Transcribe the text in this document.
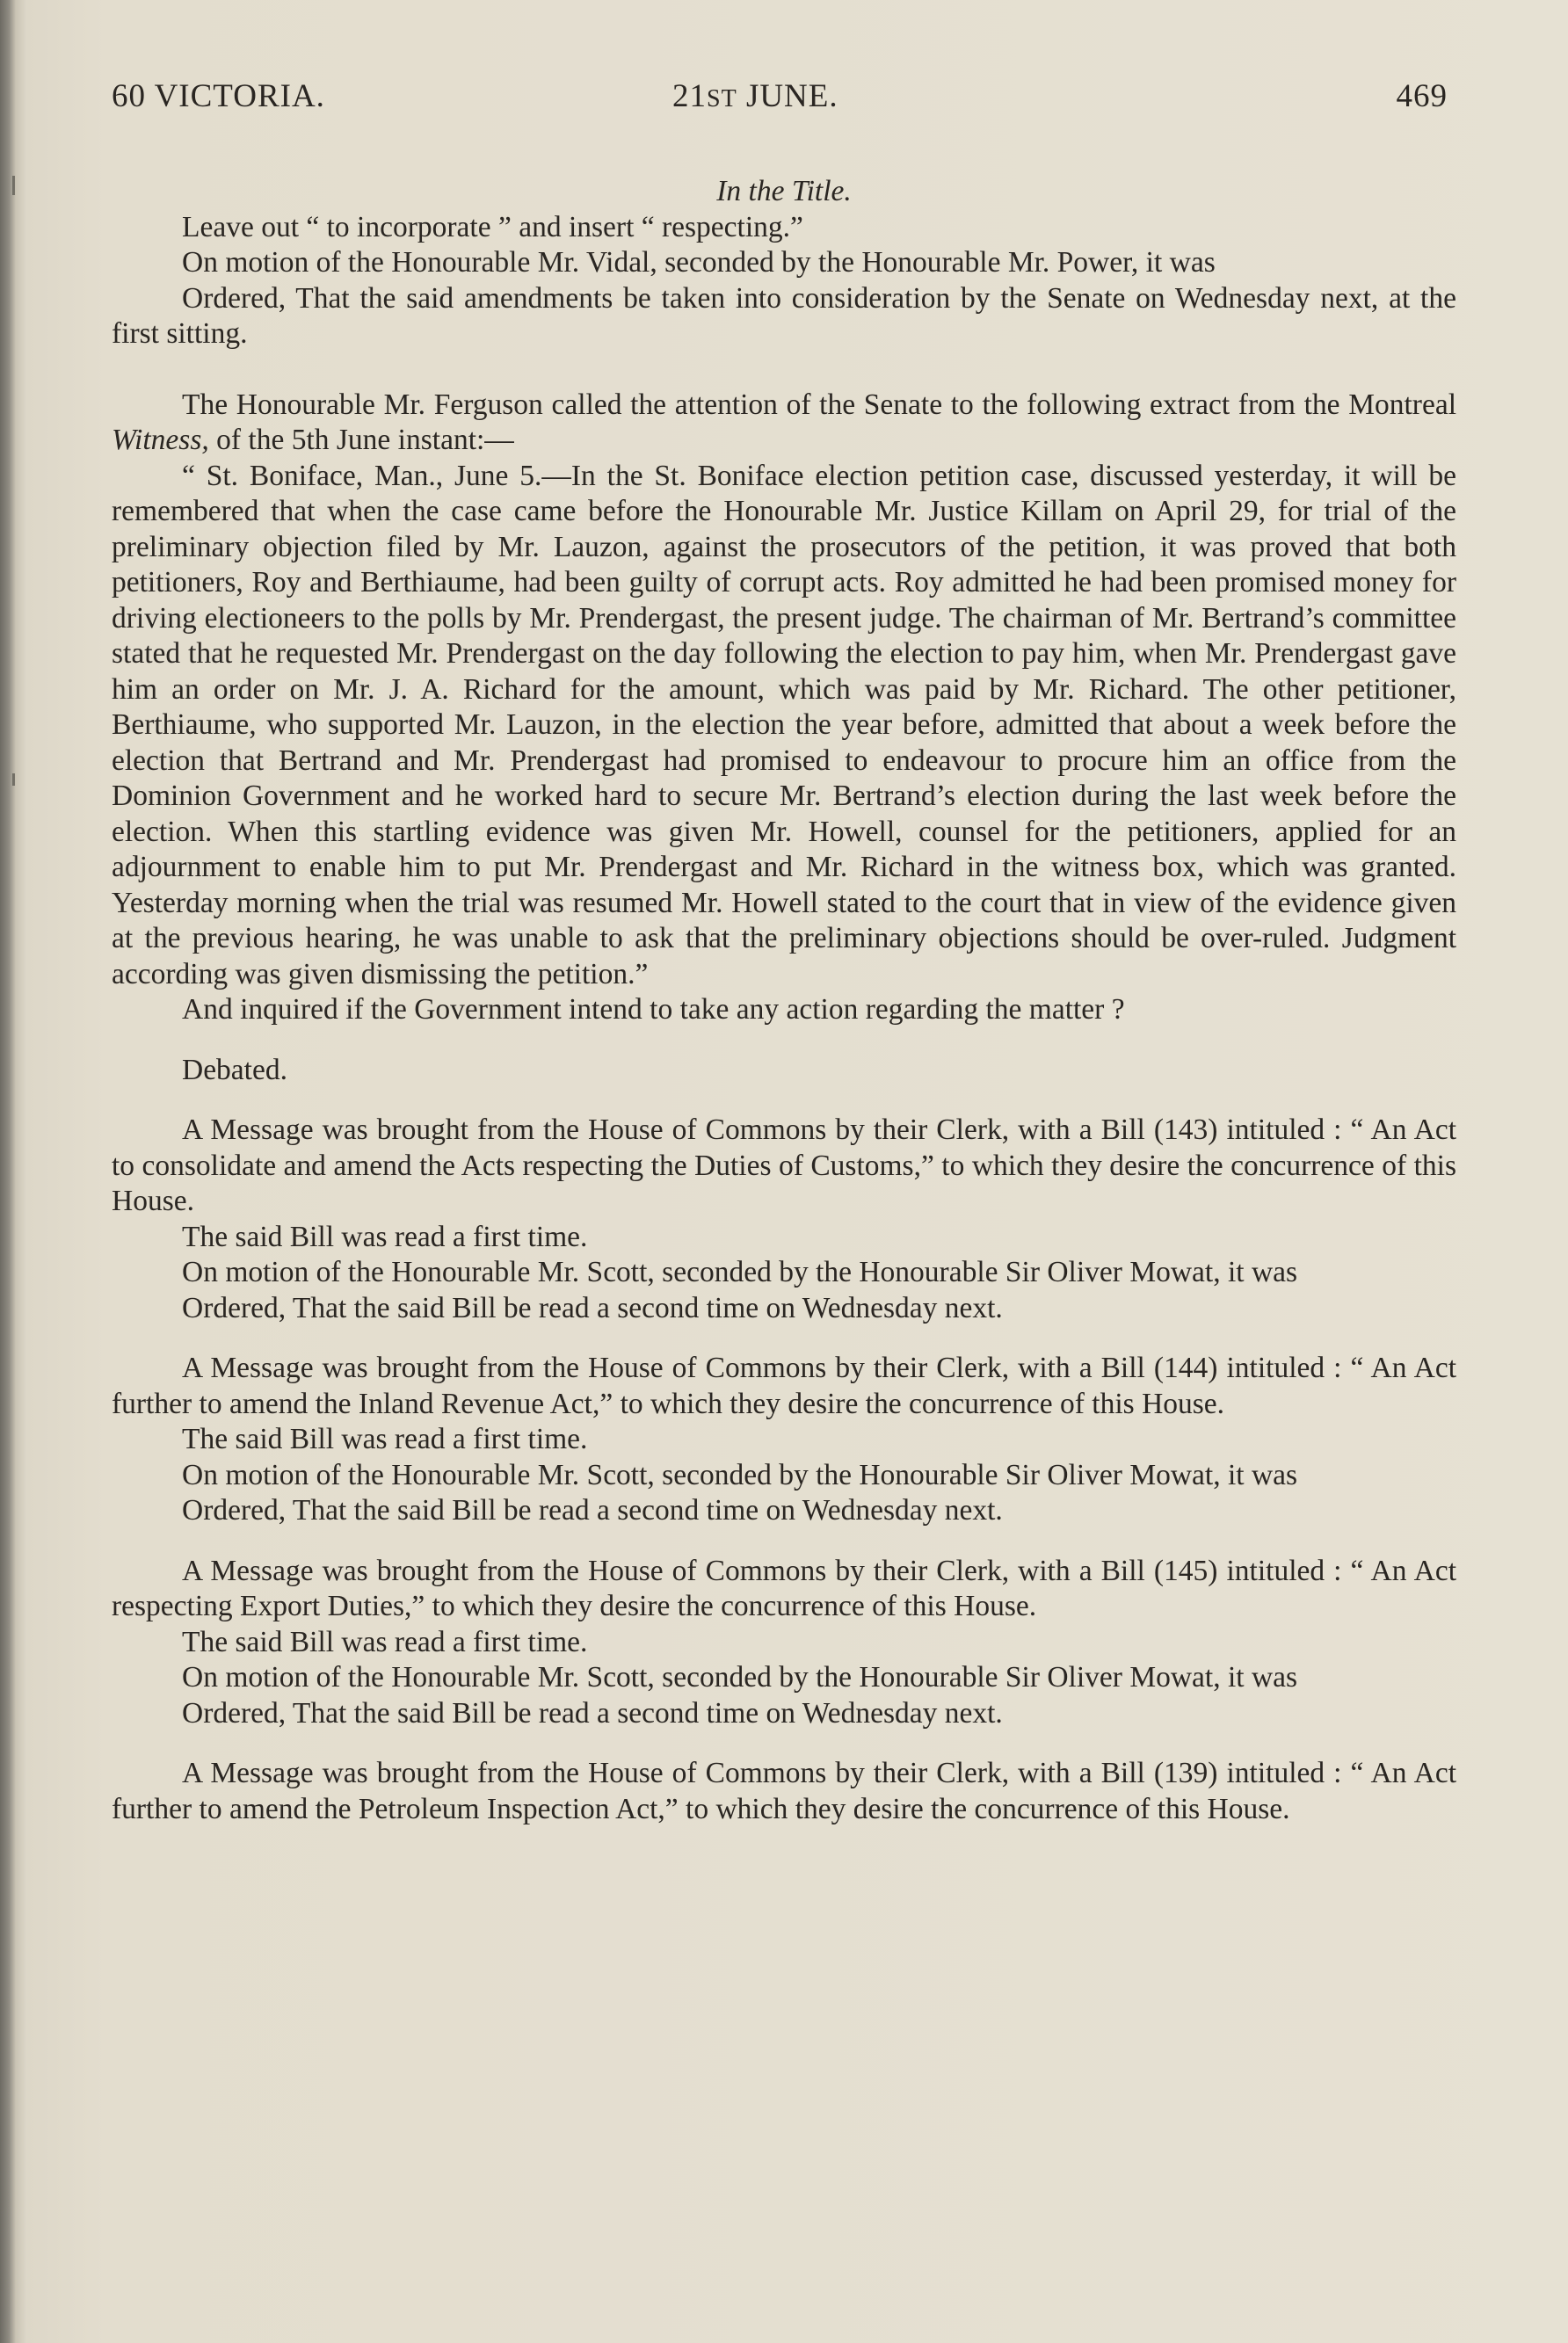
60 VICTORIA.	21ST JUNE.	469

In the Title.

Leave out “ to incorporate ” and insert “ respecting.”

On motion of the Honourable Mr. Vidal, seconded by the Honourable Mr. Power, it was

Ordered, That the said amendments be taken into consideration by the Senate on Wednesday next, at the first sitting.

The Honourable Mr. Ferguson called the attention of the Senate to the following extract from the Montreal Witness, of the 5th June instant:—

“ St. Boniface, Man., June 5.—In the St. Boniface election petition case, discussed yesterday, it will be remembered that when the case came before the Honourable Mr. Justice Killam on April 29, for trial of the preliminary objection filed by Mr. Lauzon, against the prosecutors of the petition, it was proved that both petitioners, Roy and Berthiaume, had been guilty of corrupt acts. Roy admitted he had been promised money for driving electioneers to the polls by Mr. Prendergast, the present judge. The chairman of Mr. Bertrand’s committee stated that he requested Mr. Prendergast on the day following the election to pay him, when Mr. Prendergast gave him an order on Mr. J. A. Richard for the amount, which was paid by Mr. Richard. The other petitioner, Berthiaume, who supported Mr. Lauzon, in the election the year before, admitted that about a week before the election that Bertrand and Mr. Prendergast had promised to endeavour to procure him an office from the Dominion Government and he worked hard to secure Mr. Bertrand’s election during the last week before the election. When this startling evidence was given Mr. Howell, counsel for the petitioners, applied for an adjournment to enable him to put Mr. Prendergast and Mr. Richard in the witness box, which was granted. Yesterday morning when the trial was resumed Mr. Howell stated to the court that in view of the evidence given at the previous hearing, he was unable to ask that the preliminary objections should be over-ruled. Judgment according was given dismissing the petition.”

And inquired if the Government intend to take any action regarding the matter ?

Debated.

A Message was brought from the House of Commons by their Clerk, with a Bill (143) intituled : “ An Act to consolidate and amend the Acts respecting the Duties of Customs,” to which they desire the concurrence of this House.

The said Bill was read a first time.

On motion of the Honourable Mr. Scott, seconded by the Honourable Sir Oliver Mowat, it was

Ordered, That the said Bill be read a second time on Wednesday next.

A Message was brought from the House of Commons by their Clerk, with a Bill (144) intituled : “ An Act further to amend the Inland Revenue Act,” to which they desire the concurrence of this House.

The said Bill was read a first time.

On motion of the Honourable Mr. Scott, seconded by the Honourable Sir Oliver Mowat, it was

Ordered, That the said Bill be read a second time on Wednesday next.

A Message was brought from the House of Commons by their Clerk, with a Bill (145) intituled : “ An Act respecting Export Duties,” to which they desire the concurrence of this House.

The said Bill was read a first time.

On motion of the Honourable Mr. Scott, seconded by the Honourable Sir Oliver Mowat, it was

Ordered, That the said Bill be read a second time on Wednesday next.

A Message was brought from the House of Commons by their Clerk, with a Bill (139) intituled : “ An Act further to amend the Petroleum Inspection Act,” to which they desire the concurrence of this House.
